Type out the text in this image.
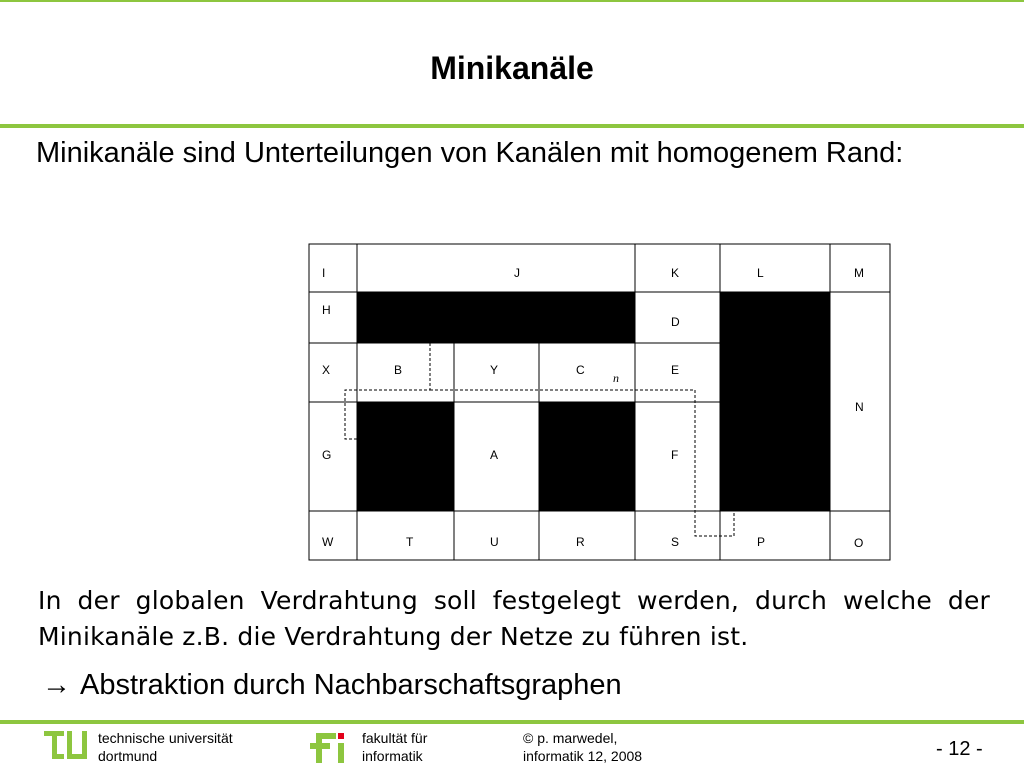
Minikanäle
Minikanäle sind Unterteilungen von Kanälen mit homogenem Rand:
I	J	K	L	M
H
D
N
X	B	Y	C	E
n
G	A	F
W	T	U	R	S	P	O
In der globalen Verdrahtung soll festgelegt werden, durch welche der Minikanäle z.B. die Verdrahtung der Netze zu führen ist.
→ Abstraktion durch Nachbarschaftsgraphen
technische universität
dortmund
fakultät für
informatik
© p. marwedel,
informatik 12, 2008	- 12 -
